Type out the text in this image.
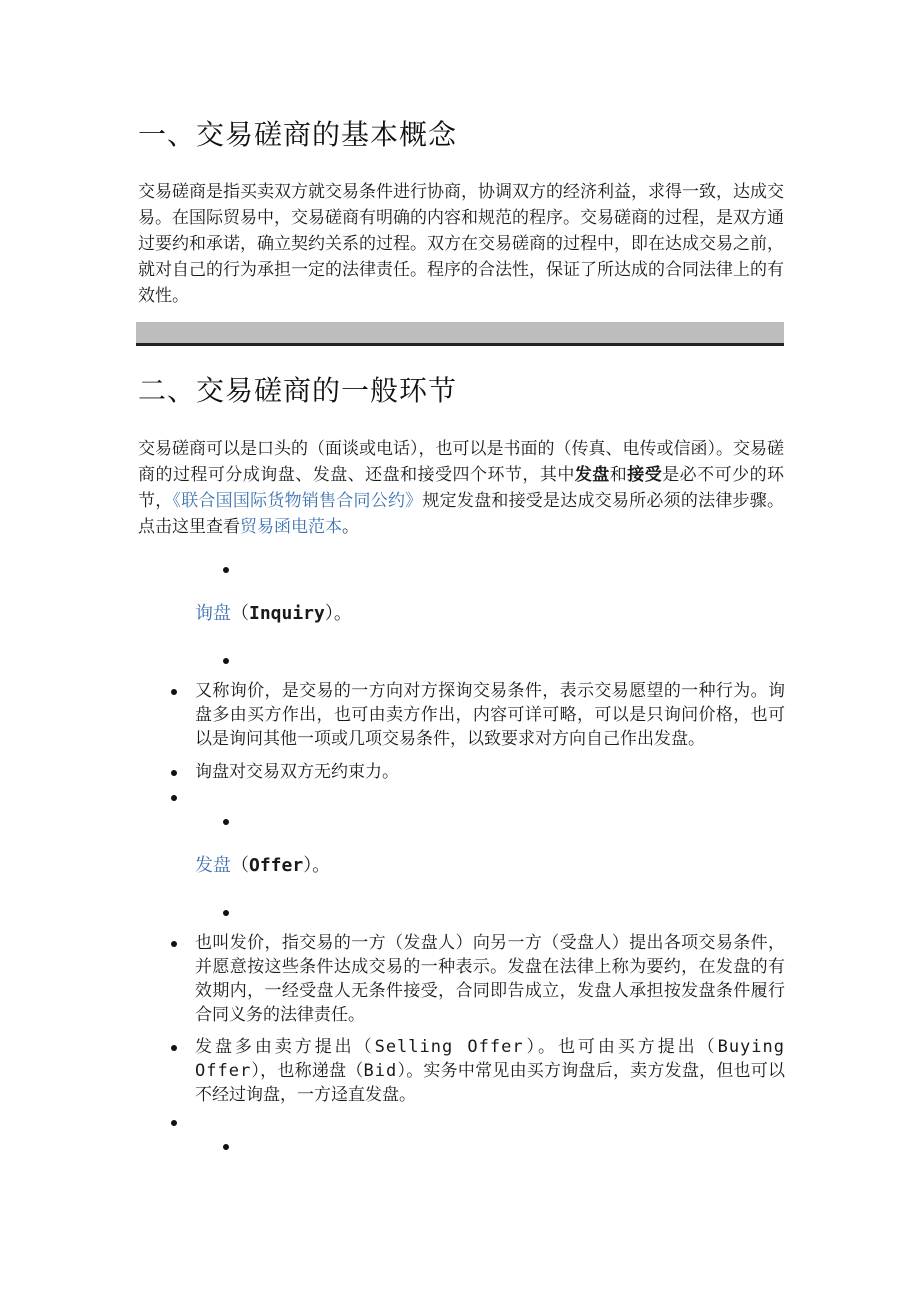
一、交易磋商的基本概念

交易磋商是指买卖双方就交易条件进行协商，协调双方的经济利益，求得一致，达成交易。在国际贸易中，交易磋商有明确的内容和规范的程序。交易磋商的过程，是双方通过要约和承诺，确立契约关系的过程。双方在交易磋商的过程中，即在达成交易之前，就对自己的行为承担一定的法律责任。程序的合法性，保证了所达成的合同法律上的有效性。

二、交易磋商的一般环节

交易磋商可以是口头的（面谈或电话），也可以是书面的（传真、电传或信函）。交易磋商的过程可分成询盘、发盘、还盘和接受四个环节，其中发盘和接受是必不可少的环节，《联合国国际货物销售合同公约》规定发盘和接受是达成交易所必须的法律步骤。点击这里查看贸易函电范本。

询盘（Inquiry）。

又称询价，是交易的一方向对方探询交易条件，表示交易愿望的一种行为。询盘多由买方作出，也可由卖方作出，内容可详可略，可以是只询问价格，也可以是询问其他一项或几项交易条件，以致要求对方向自己作出发盘。

询盘对交易双方无约束力。

发盘（Offer）。

也叫发价，指交易的一方（发盘人）向另一方（受盘人）提出各项交易条件，并愿意按这些条件达成交易的一种表示。发盘在法律上称为要约，在发盘的有效期内，一经受盘人无条件接受，合同即告成立，发盘人承担按发盘条件履行合同义务的法律责任。

发盘多由卖方提出（Selling Offer）。也可由买方提出（Buying Offer），也称递盘（Bid）。实务中常见由买方询盘后，卖方发盘，但也可以不经过询盘，一方迳直发盘。
